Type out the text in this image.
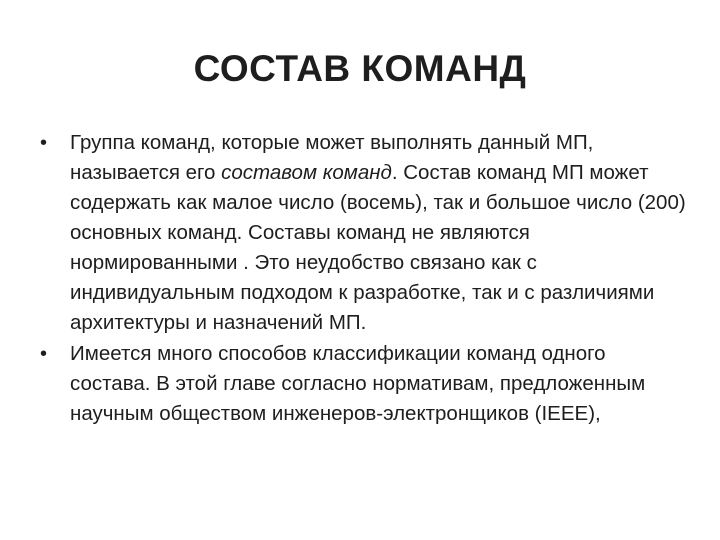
СОСТАВ КОМАНД
• Группа команд, которые может выполнять данный МП, называется его составом команд. Состав команд МП может содержать как малое число (восемь), так и большое число (200) основных команд. Составы команд не являются нормированными . Это неудобство связано как с индивидуальным подходом к разработке, так и с различиями архитектуры и назначений МП.
• Имеется много способов классификации команд одного состава. В этой главе согласно нормативам, предложенным научным обществом инженеров-электронщиков (IEEE),
